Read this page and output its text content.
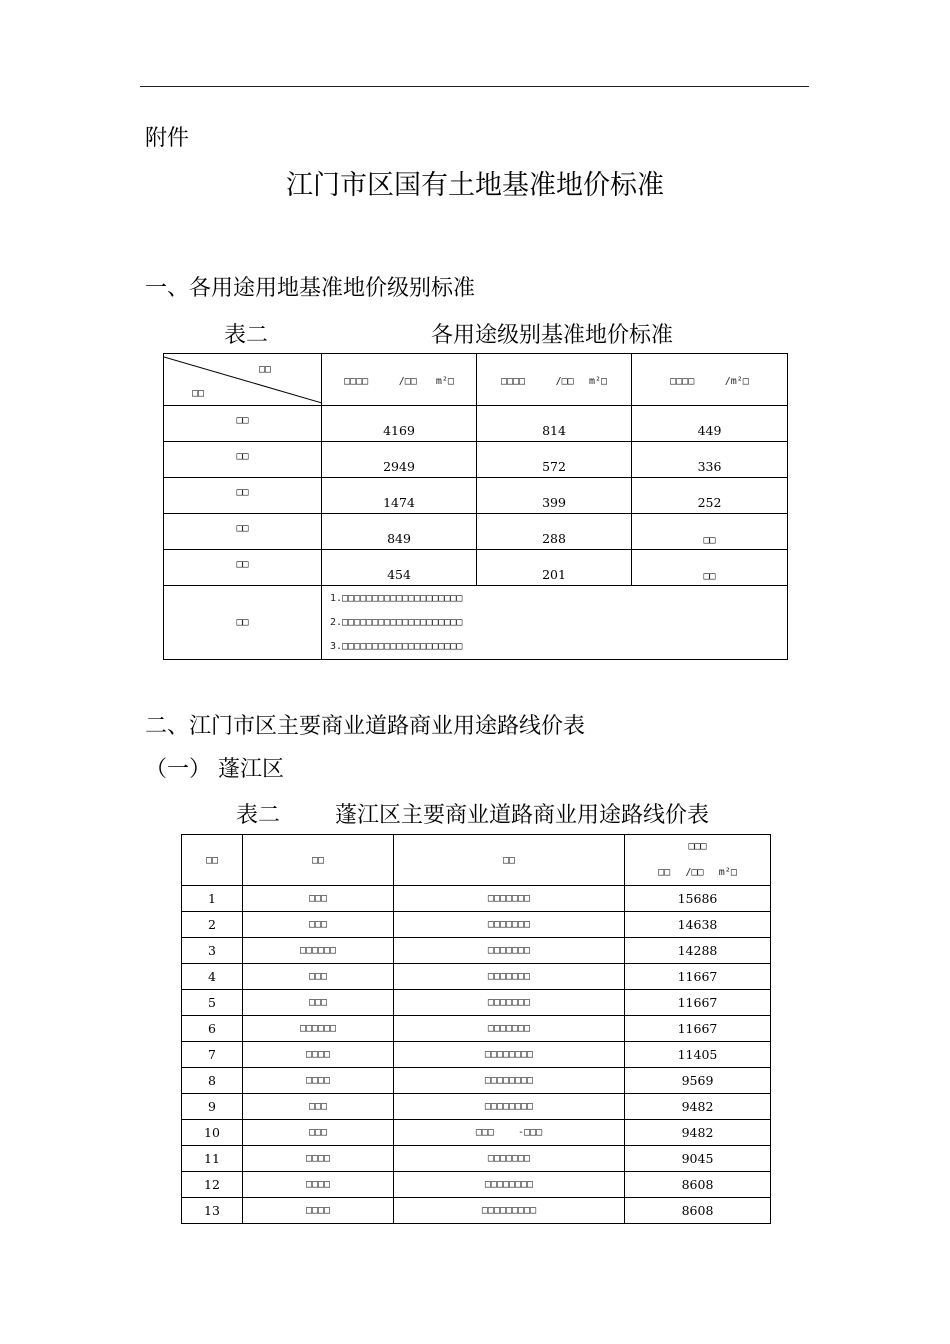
附件
江门市区国有土地基准地价标准
一、各用途用地基准地价级别标准
表二	各用途级别基准地价标准
□□
□□	□□□□ /□□ m²□	□□□□ /□□ m²□	□□□□ /m²□
□□	4169	814	449
□□	2949	572	336
□□	1474	399	252
□□	849	288	□□
□□	454	201	□□
□□	1.□□□□□□□□□□□□□□□□□□□□
2.□□□□□□□□□□□□□□□□□□□□
3.□□□□□□□□□□□□□□□□□□□□		
二、江门市区主要商业道路商业用途路线价表
（一） 蓬江区
表二 蓬江区主要商业道路商业用途路线价表
□□	□□	□□	□□□
□□ /□□ m²□

1	□□□	□□□□□□□	15686
2	□□□	□□□□□□□	14638
3	□□□□□□	□□□□□□□	14288
4	□□□	□□□□□□□	11667
5	□□□	□□□□□□□	11667
6	□□□□□□	□□□□□□□	11667
7	□□□□	□□□□□□□□	11405
8	□□□□	□□□□□□□□	9569
9	□□□	□□□□□□□□	9482
10	□□□	□□□    -□□□	9482
11	□□□□	□□□□□□□	9045
12	□□□□	□□□□□□□□	8608
13	□□□□	□□□□□□□□□	8608
